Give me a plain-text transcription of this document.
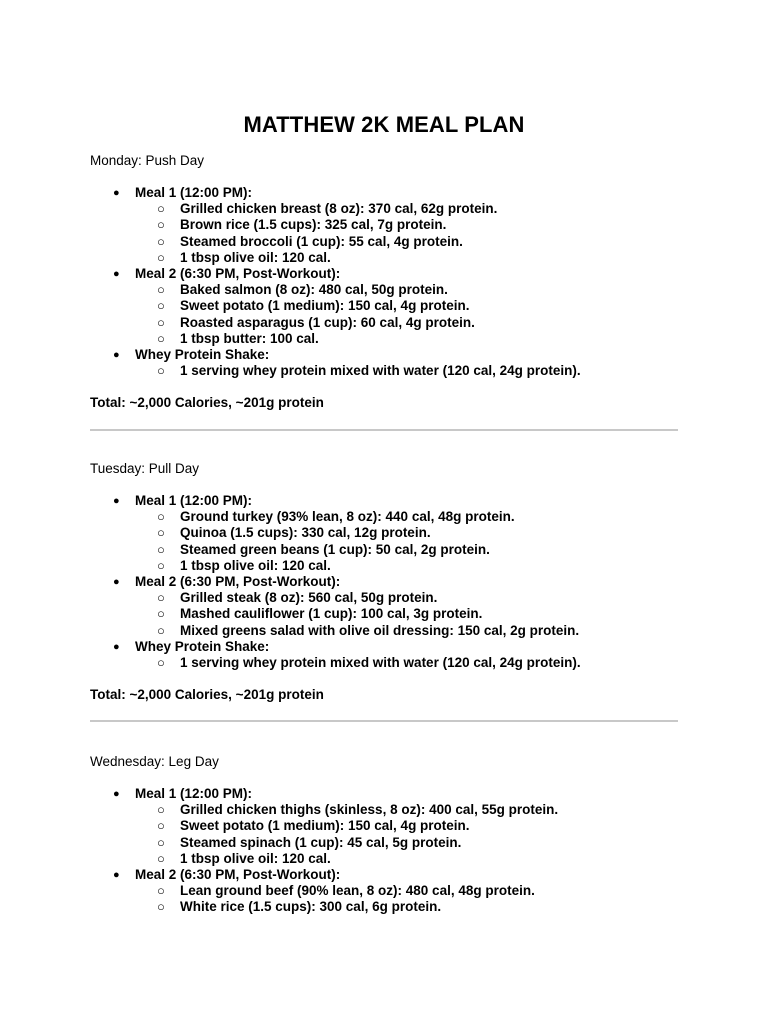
MATTHEW 2K MEAL PLAN
Monday: Push Day
● Meal 1 (12:00 PM):
○ Grilled chicken breast (8 oz): 370 cal, 62g protein.
○ Brown rice (1.5 cups): 325 cal, 7g protein.
○ Steamed broccoli (1 cup): 55 cal, 4g protein.
○ 1 tbsp olive oil: 120 cal.
● Meal 2 (6:30 PM, Post-Workout):
○ Baked salmon (8 oz): 480 cal, 50g protein.
○ Sweet potato (1 medium): 150 cal, 4g protein.
○ Roasted asparagus (1 cup): 60 cal, 4g protein.
○ 1 tbsp butter: 100 cal.
● Whey Protein Shake:
○ 1 serving whey protein mixed with water (120 cal, 24g protein).
Total: ~2,000 Calories, ~201g protein
Tuesday: Pull Day
● Meal 1 (12:00 PM):
○ Ground turkey (93% lean, 8 oz): 440 cal, 48g protein.
○ Quinoa (1.5 cups): 330 cal, 12g protein.
○ Steamed green beans (1 cup): 50 cal, 2g protein.
○ 1 tbsp olive oil: 120 cal.
● Meal 2 (6:30 PM, Post-Workout):
○ Grilled steak (8 oz): 560 cal, 50g protein.
○ Mashed cauliflower (1 cup): 100 cal, 3g protein.
○ Mixed greens salad with olive oil dressing: 150 cal, 2g protein.
● Whey Protein Shake:
○ 1 serving whey protein mixed with water (120 cal, 24g protein).
Total: ~2,000 Calories, ~201g protein
Wednesday: Leg Day
● Meal 1 (12:00 PM):
○ Grilled chicken thighs (skinless, 8 oz): 400 cal, 55g protein.
○ Sweet potato (1 medium): 150 cal, 4g protein.
○ Steamed spinach (1 cup): 45 cal, 5g protein.
○ 1 tbsp olive oil: 120 cal.
● Meal 2 (6:30 PM, Post-Workout):
○ Lean ground beef (90% lean, 8 oz): 480 cal, 48g protein.
○ White rice (1.5 cups): 300 cal, 6g protein.
